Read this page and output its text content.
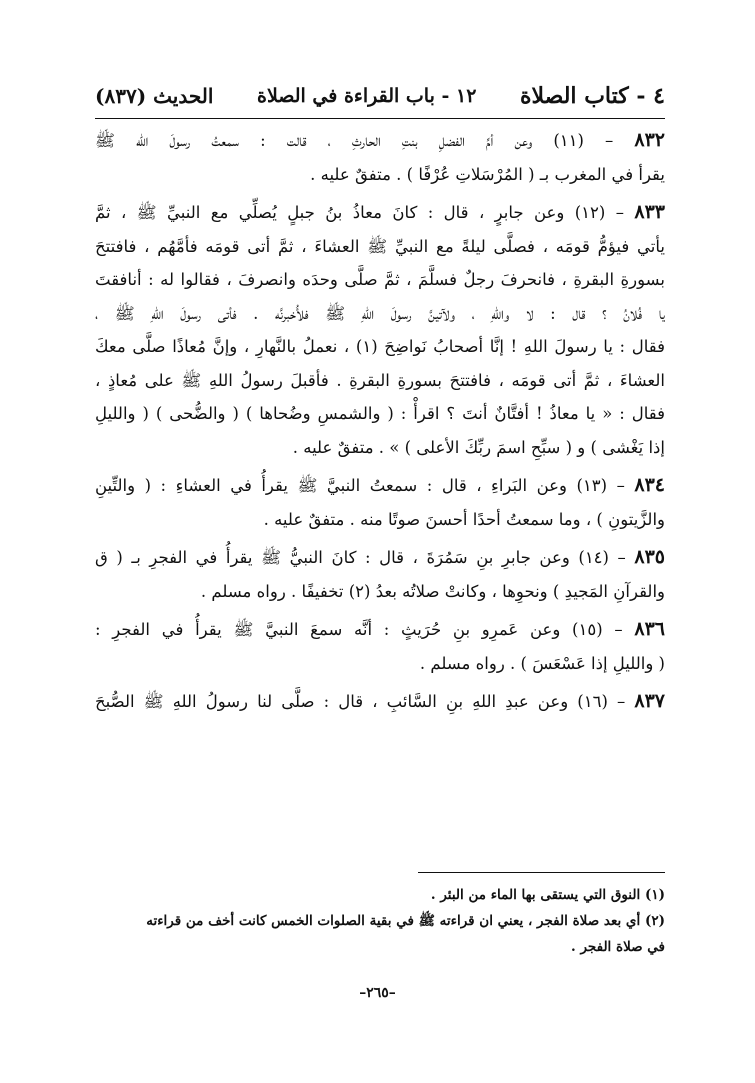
٤ - كتاب الصلاة
١٢ - باب القراءة في الصلاة
الحديث (٨٣٧)
٨٣٢ – (١١) وعن أمِّ الفضلِ بنتِ الحارثِ ، قالت : سمعتُ رسولَ الله ﷺ
يقرأ في المغرب بـ ( المُرْسَلاتِ عُرْفًا ) . متفقٌ عليه .
٨٣٣ – (١٢) وعن جابرٍ ، قال : كانَ معاذُ بنُ جبلٍ يُصلِّي مع النبيِّ ﷺ ، ثمَّ
يأتي فيؤمُّ قومَه ، فصلَّى ليلةً مع النبيِّ ﷺ العشاءَ ، ثمَّ أتى قومَه فأمَّهُم ، فافتتحَ
بسورةِ البقرةِ ، فانحرفَ رجلٌ فسلَّمَ ، ثمَّ صلَّى وحدَه وانصرفَ ، فقالوا له : أنافقتَ
يا فُلانُ ؟ قال : لا واللهِ ، ولآتينَّ رسولَ اللهِ ﷺ فلأُخبرنَّه . فأتى رسولَ اللهِ ﷺ ،
فقال : يا رسولَ اللهِ ! إنَّا أصحابُ نَواضِحَ (١) ، نعملُ بالنَّهارِ ، وإنَّ مُعاذًا صلَّى معكَ
العشاءَ ، ثمَّ أتى قومَه ، فافتتحَ بسورةِ البقرةِ . فأقبلَ رسولُ اللهِ ﷺ على مُعاذٍ ،
فقال : « يا معاذُ ! أفتَّانٌ أنتَ ؟ اقرأْ : ( والشمسِ وضُحاها ) ( والضُّحى ) ( والليلِ
إذا يَغْشى ) و ( سبِّحِ اسمَ ربِّكَ الأعلى ) » . متفقٌ عليه .
٨٣٤ – (١٣) وعن البَراءِ ، قال : سمعتُ النبيَّ ﷺ يقرأُ في العشاءِ : ( والتِّينِ
والزَّيتونِ ) ، وما سمعتُ أحدًا أحسنَ صوتًا منه . متفقٌ عليه .
٨٣٥ – (١٤) وعن جابرِ بنِ سَمُرَةَ ، قال : كانَ النبيُّ ﷺ يقرأُ في الفجرِ بـ ( ق
والقرآنِ المَجيدِ ) ونحوِها ، وكانتْ صلاتُه بعدُ (٢) تخفيفًا . رواه مسلم .
٨٣٦ – (١٥) وعن عَمرِو بنِ حُرَيثٍ : أنَّه سمعَ النبيَّ ﷺ يقرأُ في الفجرِ :
( والليلِ إذا عَسْعَسَ ) . رواه مسلم .
٨٣٧ – (١٦) وعن عبدِ اللهِ بنِ السَّائبِ ، قال : صلَّى لنا رسولُ اللهِ ﷺ الصُّبحَ
(١) النوق التي يستقى بها الماء من البئر .
(٢) أي بعد صلاة الفجر ، يعني ان قراءته ﷺ في بقية الصلوات الخمس كانت أخف من قراءته
في صلاة الفجر .
–٢٦٥–
